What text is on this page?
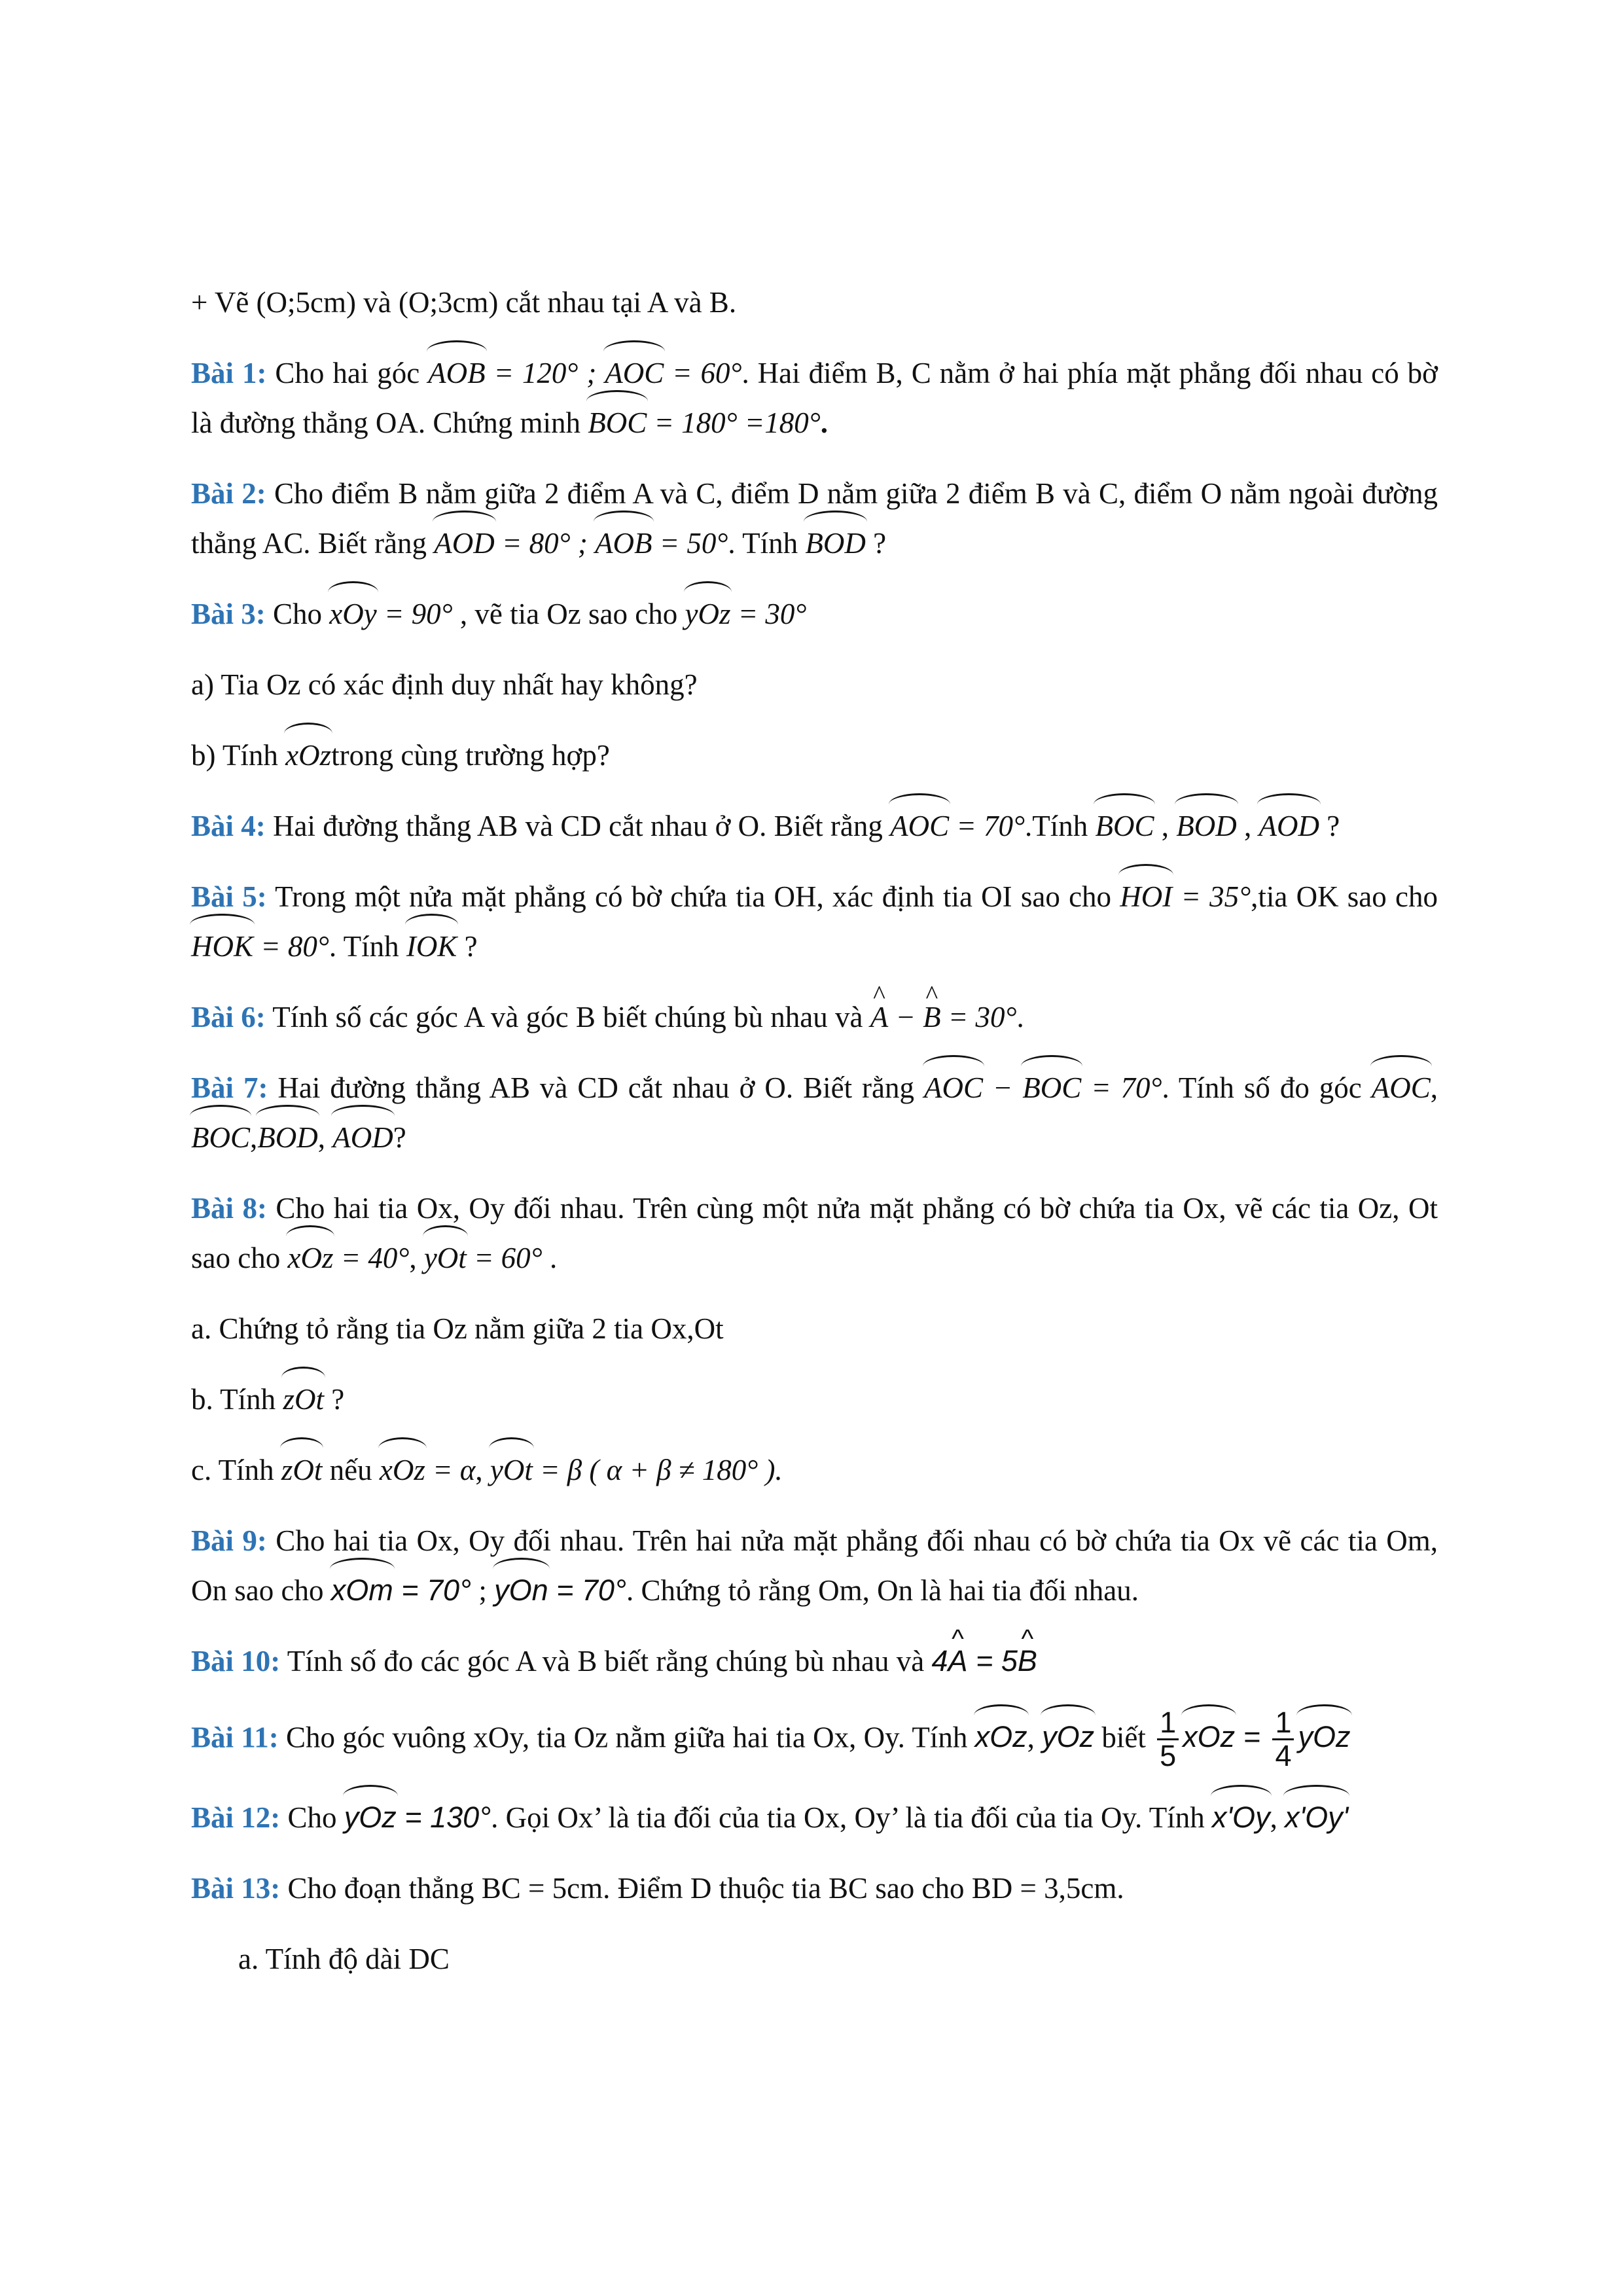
+ Vẽ (O;5cm) và (O;3cm) cắt nhau tại A và B.

Bài 1: Cho hai góc AOB = 120° ; AOC = 60°. Hai điểm B, C nằm ở hai phía mặt phẳng đối nhau có bờ là đường thẳng OA. Chứng minh BOC = 180° =180°.

Bài 2: Cho điểm B nằm giữa 2 điểm A và C, điểm D nằm giữa 2 điểm B và C, điểm O nằm ngoài đường thẳng AC. Biết rằng AOD = 80° ; AOB = 50°. Tính BOD ?

Bài 3: Cho xOy = 90° , vẽ tia Oz sao cho yOz = 30°

a) Tia Oz có xác định duy nhất hay không?

b) Tính xOztrong cùng trường hợp?

Bài 4: Hai đường thẳng AB và CD cắt nhau ở O. Biết rằng AOC = 70°.Tính BOC , BOD , AOD ?

Bài 5: Trong một nửa mặt phẳng có bờ chứa tia OH, xác định tia OI sao cho HOI = 35°,tia OK sao cho HOK = 80°. Tính IOK ?

Bài 6: Tính số các góc A và góc B biết chúng bù nhau và ^ A − ^ B = 30°.

Bài 7: Hai đường thẳng AB và CD cắt nhau ở O. Biết rằng AOC − BOC = 70°. Tính số đo góc AOC,BOC,BOD, AOD?

Bài 8: Cho hai tia Ox, Oy đối nhau. Trên cùng một nửa mặt phẳng có bờ chứa tia Ox, vẽ các tia Oz, Ot sao cho xOz = 40°, yOt = 60° .

a. Chứng tỏ rằng tia Oz nằm giữa 2 tia Ox,Ot

b. Tính zOt ?

c. Tính zOt nếu xOz = α, yOt = β ( α + β ≠ 180° ).

Bài 9: Cho hai tia Ox, Oy đối nhau. Trên hai nửa mặt phẳng đối nhau có bờ chứa tia Ox vẽ các tia Om, On sao cho xOm = 70° ; yOn = 70°. Chứng tỏ rằng Om, On là hai tia đối nhau.

Bài 10: Tính số đo các góc A và B biết rằng chúng bù nhau và 4^ A = 5^ B

Bài 11: Cho góc vuông xOy, tia Oz nằm giữa hai tia Ox, Oy. Tính xOz, yOz biết $\frac{1}{5}$ xOz = $\frac{1}{4}$ yOz

Bài 12: Cho yOz = 130°. Gọi Ox’ là tia đối của tia Ox, Oy’ là tia đối của tia Oy. Tính x'Oy, x'Oy'

Bài 13: Cho đoạn thẳng BC = 5cm. Điểm D thuộc tia BC sao cho BD = 3,5cm.

a. Tính độ dài DC
